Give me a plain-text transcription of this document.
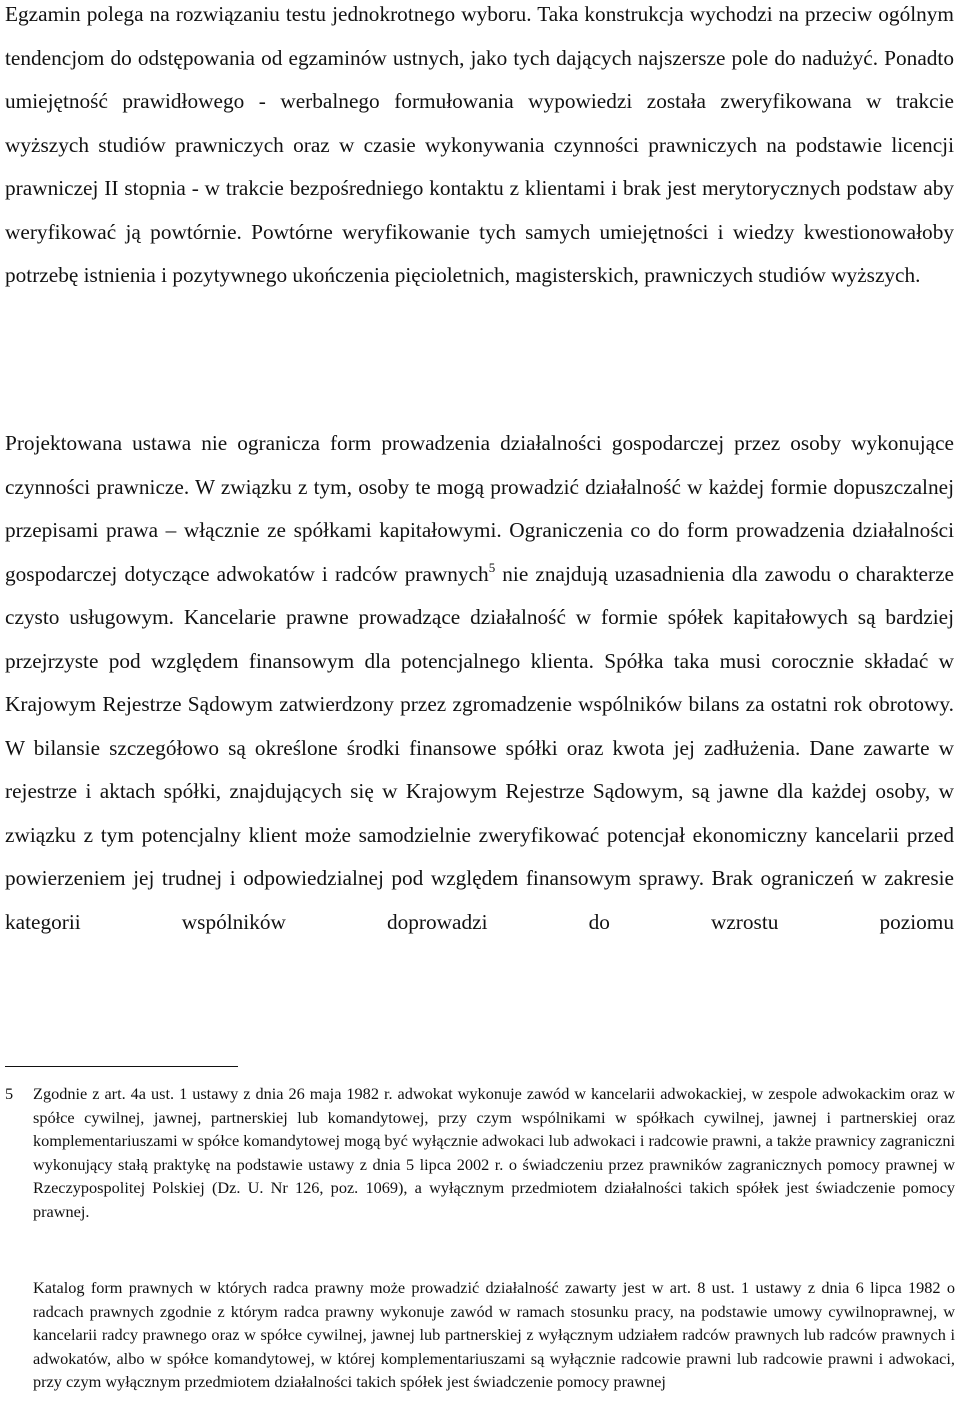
Egzamin polega na rozwiązaniu testu jednokrotnego wyboru. Taka konstrukcja wychodzi na przeciw ogólnym tendencjom do odstępowania od egzaminów ustnych, jako tych dających najszersze pole do nadużyć. Ponadto umiejętność prawidłowego - werbalnego formułowania wypowiedzi została zweryfikowana w trakcie wyższych studiów prawniczych oraz w czasie wykonywania czynności prawniczych na podstawie licencji prawniczej II stopnia - w trakcie bezpośredniego kontaktu z klientami i brak jest merytorycznych podstaw aby weryfikować ją powtórnie. Powtórne weryfikowanie tych samych umiejętności i wiedzy kwestionowałoby potrzebę istnienia i pozytywnego ukończenia pięcioletnich, magisterskich, prawniczych studiów wyższych.

Projektowana ustawa nie ogranicza form prowadzenia działalności gospodarczej przez osoby wykonujące czynności prawnicze. W związku z tym, osoby te mogą prowadzić działalność w każdej formie dopuszczalnej przepisami prawa – włącznie ze spółkami kapitałowymi. Ograniczenia co do form prowadzenia działalności gospodarczej dotyczące adwokatów i radców prawnych$^5$ nie znajdują uzasadnienia dla zawodu o charakterze czysto usługowym. Kancelarie prawne prowadzące działalność w formie spółek kapitałowych są bardziej przejrzyste pod względem finansowym dla potencjalnego klienta. Spółka taka musi corocznie składać w Krajowym Rejestrze Sądowym zatwierdzony przez zgromadzenie wspólników bilans za ostatni rok obrotowy. W bilansie szczegółowo są określone środki finansowe spółki oraz kwota jej zadłużenia. Dane zawarte w rejestrze i aktach spółki, znajdujących się w Krajowym Rejestrze Sądowym, są jawne dla każdej osoby, w związku z tym potencjalny klient może samodzielnie zweryfikować potencjał ekonomiczny kancelarii przed powierzeniem jej trudnej i odpowiedzialnej pod względem finansowym sprawy. Brak ograniczeń w zakresie kategorii wspólników doprowadzi do wzrostu poziomu

5 Zgodnie z art. 4a ust. 1 ustawy z dnia 26 maja 1982 r. adwokat wykonuje zawód w kancelarii adwokackiej, w zespole adwokackim oraz w spółce cywilnej, jawnej, partnerskiej lub komandytowej, przy czym wspólnikami w spółkach cywilnej, jawnej i partnerskiej oraz komplementariuszami w spółce komandytowej mogą być wyłącznie adwokaci lub adwokaci i radcowie prawni, a także prawnicy zagraniczni wykonujący stałą praktykę na podstawie ustawy z dnia 5 lipca 2002 r. o świadczeniu przez prawników zagranicznych pomocy prawnej w Rzeczypospolitej Polskiej (Dz. U. Nr 126, poz. 1069), a wyłącznym przedmiotem działalności takich spółek jest świadczenie pomocy prawnej.

Katalog form prawnych w których radca prawny może prowadzić działalność zawarty jest w art. 8 ust. 1 ustawy z dnia 6 lipca 1982 o radcach prawnych zgodnie z którym radca prawny wykonuje zawód w ramach stosunku pracy, na podstawie umowy cywilnoprawnej, w kancelarii radcy prawnego oraz w spółce cywilnej, jawnej lub partnerskiej z wyłącznym udziałem radców prawnych lub radców prawnych i adwokatów, albo w spółce komandytowej, w której komplementariuszami są wyłącznie radcowie prawni lub radcowie prawni i adwokaci, przy czym wyłącznym przedmiotem działalności takich spółek jest świadczenie pomocy prawnej
